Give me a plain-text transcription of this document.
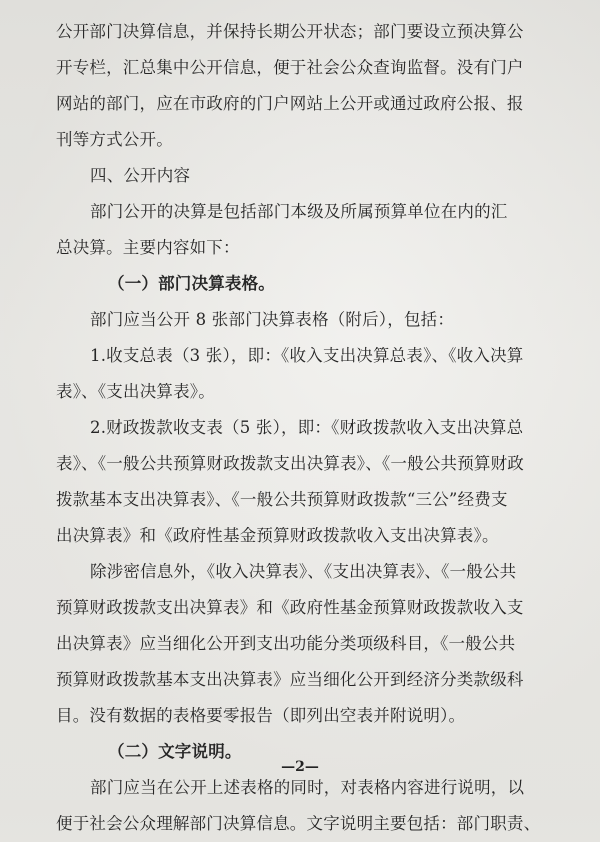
公开部门决算信息，并保持长期公开状态；部门要设立预决算公
开专栏，汇总集中公开信息，便于社会公众查询监督。没有门户
网站的部门，应在市政府的门户网站上公开或通过政府公报、报
刊等方式公开。
四、公开内容
部门公开的决算是包括部门本级及所属预算单位在内的汇
总决算。主要内容如下：
（一）部门决算表格。
部门应当公开 8 张部门决算表格（附后），包括：
1.收支总表（3 张），即：《收入支出决算总表》、《收入决算
表》、《支出决算表》。
2.财政拨款收支表（5 张），即：《财政拨款收入支出决算总
表》、《一般公共预算财政拨款支出决算表》、《一般公共预算财政
拨款基本支出决算表》、《一般公共预算财政拨款“三公”经费支
出决算表》和《政府性基金预算财政拨款收入支出决算表》。
除涉密信息外，《收入决算表》、《支出决算表》、《一般公共
预算财政拨款支出决算表》和《政府性基金预算财政拨款收入支
出决算表》应当细化公开到支出功能分类项级科目，《一般公共
预算财政拨款基本支出决算表》应当细化公开到经济分类款级科
目。没有数据的表格要零报告（即列出空表并附说明）。
（二）文字说明。
部门应当在公开上述表格的同时，对表格内容进行说明，以
便于社会公众理解部门决算信息。文字说明主要包括：部门职责、
—2—
